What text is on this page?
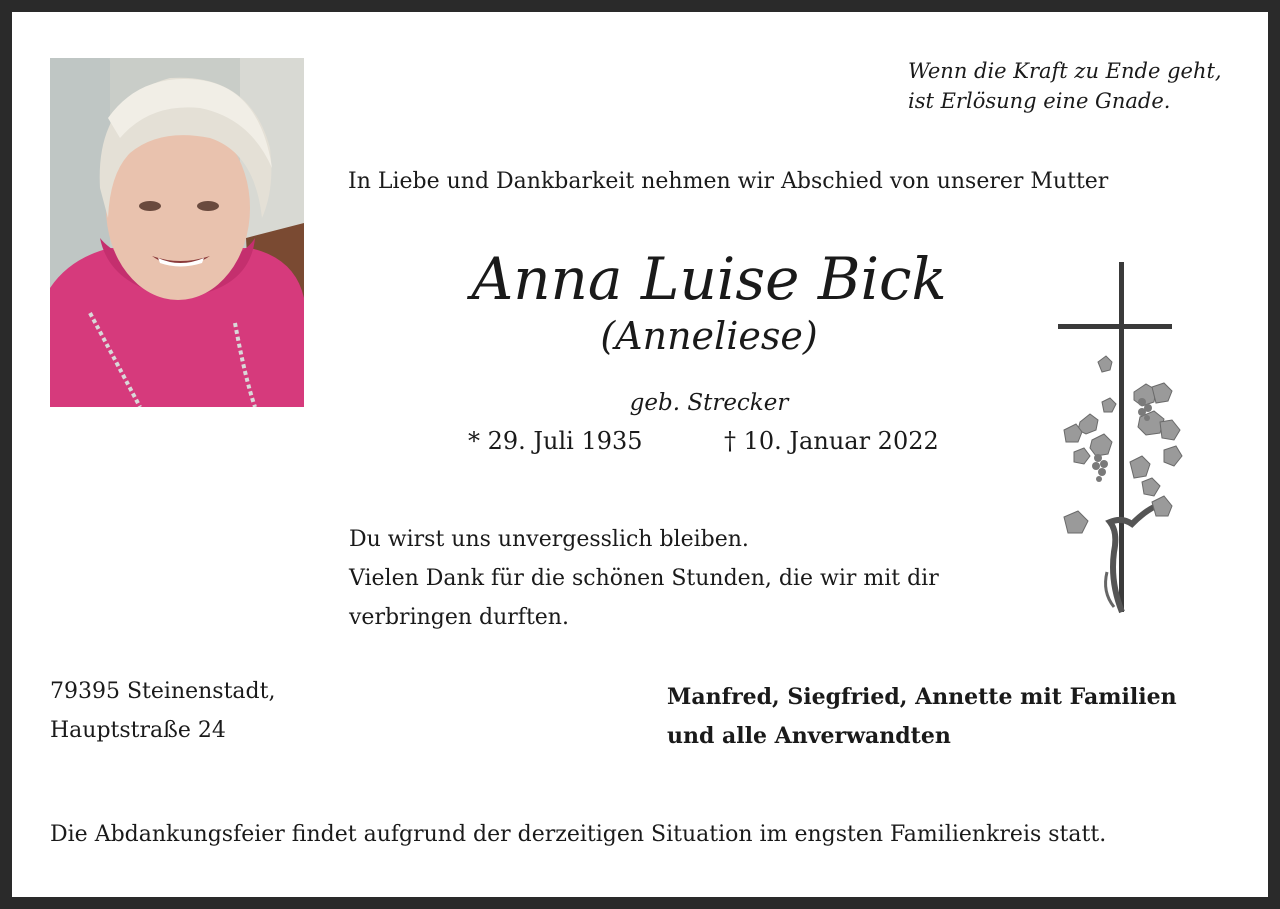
Wenn die Kraft zu Ende geht,
ist Erlösung eine Gnade.
In Liebe und Dankbarkeit nehmen wir Abschied von unserer Mutter
Anna Luise Bick
(Anneliese)
geb. Strecker
* 29. Juli 1935	† 10. Januar 2022
Du wirst uns unvergesslich bleiben.
Vielen Dank für die schönen Stunden, die wir mit dir
verbringen durften.
79395 Steinenstadt,
Hauptstraße 24
Manfred, Siegfried, Annette mit Familien
und alle Anverwandten
Die Abdankungsfeier findet aufgrund der derzeitigen Situation im engsten Familienkreis statt.
